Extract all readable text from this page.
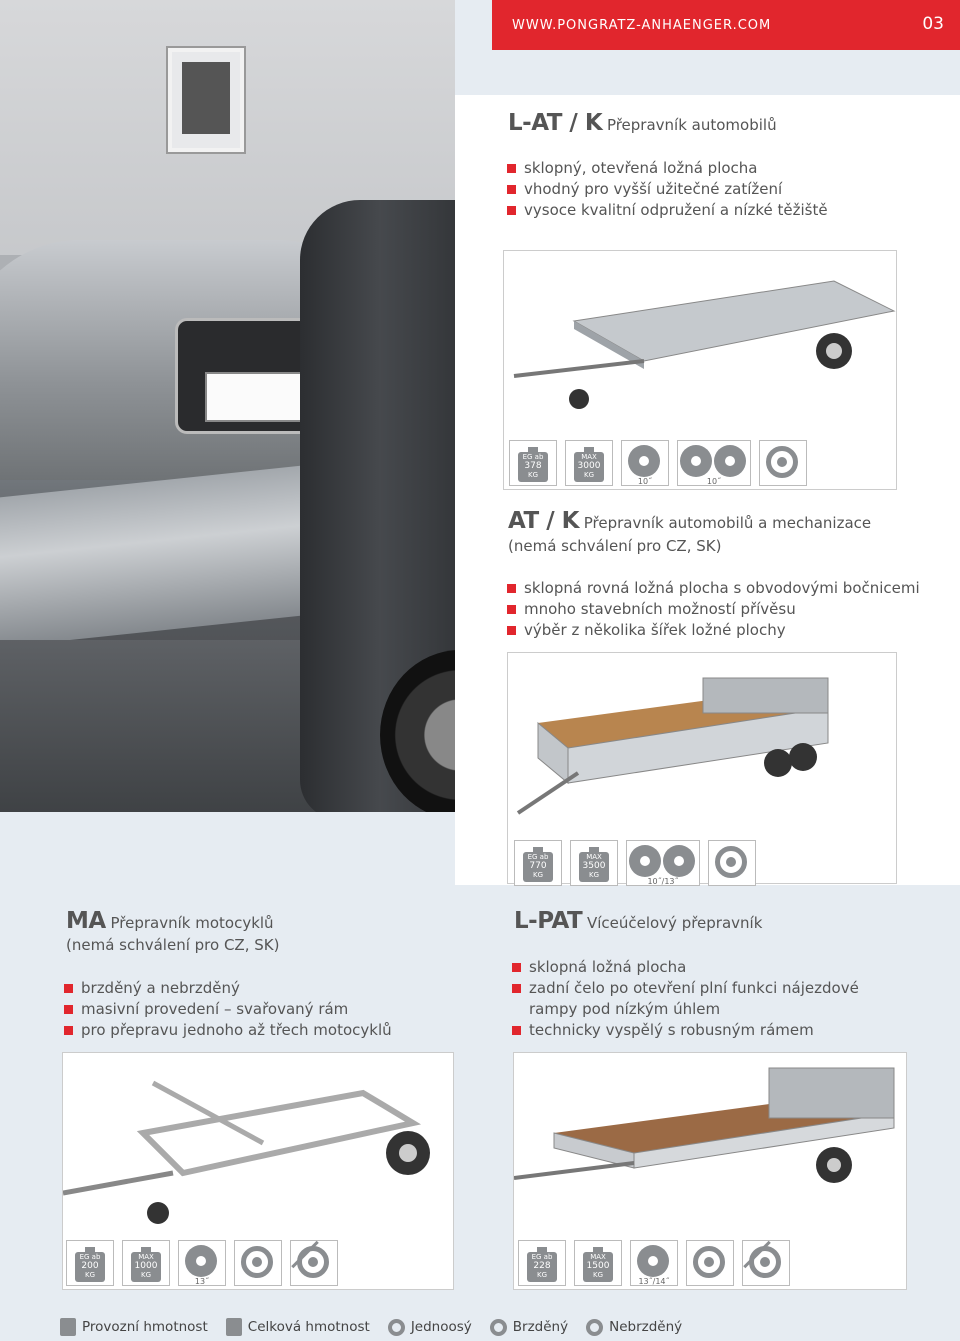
WWW.PONGRATZ-ANHAENGER.COM	03
L-AT / K Přepravník automobilů
sklopný, otevřená ložná plocha
vhodný pro vyšší užitečné zatížení
vysoce kvalitní odpružení a nízké těžiště
EG ab
378
KG
MAX
3000
KG
10˝	10˝
AT / K Přepravník automobilů a mechanizace
(nemá schválení pro CZ, SK)
sklopná rovná ložná plocha s obvodovými bočnicemi
mnoho stavebních možností přívěsu
výběr z několika šířek ložné plochy
EG ab
770
KG
MAX
3500
KG
10˝/13˝
MA Přepravník motocyklů
(nemá schválení pro CZ, SK)
brzděný a nebrzděný
masivní provedení – svařovaný rám
pro přepravu jednoho až třech motocyklů
EG ab
200
KG
MAX
1000
KG
13˝
L-PAT Víceúčelový přepravník
sklopná ložná plocha
zadní čelo po otevření plní funkci nájezdové
rampy pod nízkým úhlem
technicky vyspělý s robusným rámem
EG ab
228
KG
MAX
1500
KG
13˝/14˝
Provozní hmotnost	Celková hmotnost	Jednoosý	Brzděný	Nebrzděný
